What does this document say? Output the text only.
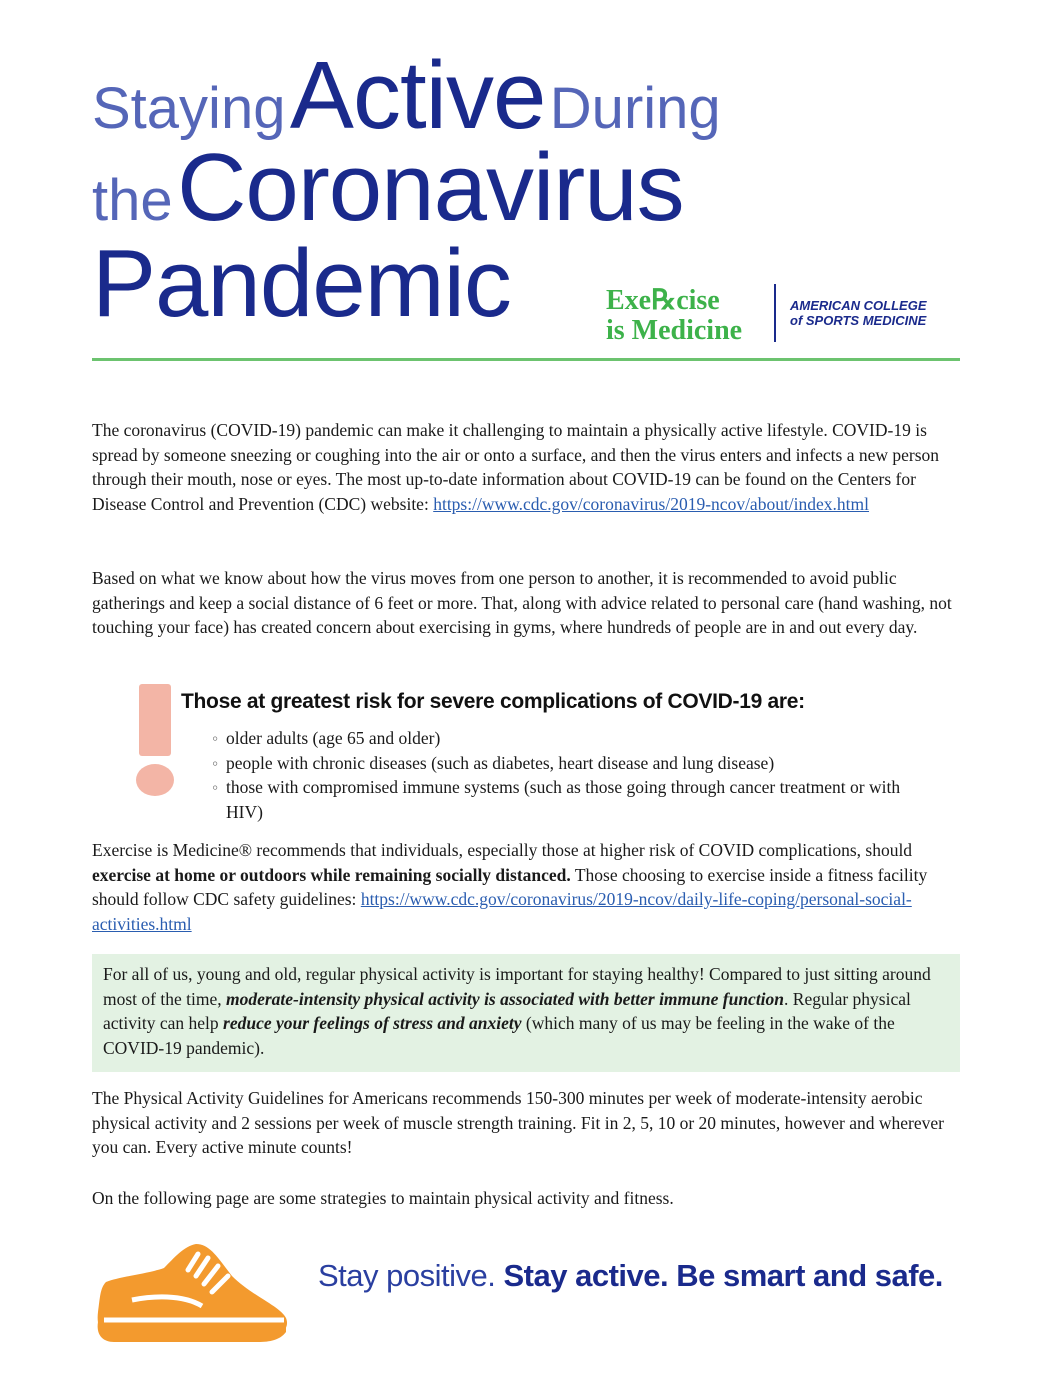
Staying Active During
the Coronavirus
Pandemic	Exe℞cise
is Medicine
AMERICAN COLLEGE
of SPORTS MEDICINE

The coronavirus (COVID-19) pandemic can make it challenging to maintain a physically active lifestyle. COVID-19 is spread by someone sneezing or coughing into the air or onto a surface, and then the virus enters and infects a new person through their mouth, nose or eyes. The most up-to-date information about COVID-19 can be found on the Centers for Disease Control and Prevention (CDC) website: https://www.cdc.gov/coronavirus/2019-ncov/about/index.html

Based on what we know about how the virus moves from one person to another, it is recommended to avoid public gatherings and keep a social distance of 6 feet or more. That, along with advice related to personal care (hand washing, not touching your face) has created concern about exercising in gyms, where hundreds of people are in and out every day.

Those at greatest risk for severe complications of COVID-19 are:
◦ older adults (age 65 and older)
◦ people with chronic diseases (such as diabetes, heart disease and lung disease)
◦ those with compromised immune systems (such as those going through cancer treatment or with HIV)

Exercise is Medicine® recommends that individuals, especially those at higher risk of COVID complications, should exercise at home or outdoors while remaining socially distanced. Those choosing to exercise inside a fitness facility should follow CDC safety guidelines: https://www.cdc.gov/coronavirus/2019-ncov/daily-life-coping/personal-social-activities.html

For all of us, young and old, regular physical activity is important for staying healthy! Compared to just sitting around most of the time, moderate-intensity physical activity is associated with better immune function. Regular physical activity can help reduce your feelings of stress and anxiety (which many of us may be feeling in the wake of the COVID-19 pandemic).

The Physical Activity Guidelines for Americans recommends 150-300 minutes per week of moderate-intensity aerobic physical activity and 2 sessions per week of muscle strength training. Fit in 2, 5, 10 or 20 minutes, however and wherever you can. Every active minute counts!

On the following page are some strategies to maintain physical activity and fitness.

Stay positive. Stay active. Be smart and safe.
